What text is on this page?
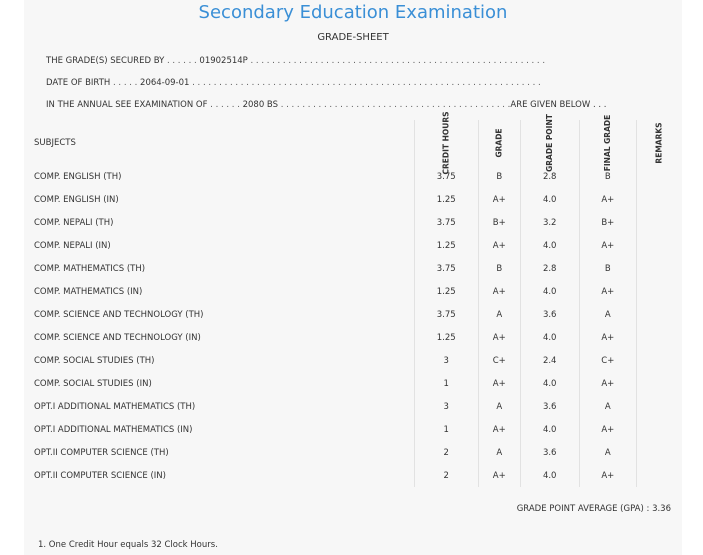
Secondary Education Examination
GRADE-SHEET
THE GRADE(S) SECURED BY . . . . . . 01902514P . . . . . . . . . . . . . . . . . . . . . . . . . . . . . . . . . . . . . . . . . . . . . . . . . . . . . . .
DATE OF BIRTH . . . . . 2064-09-01 . . . . . . . . . . . . . . . . . . . . . . . . . . . . . . . . . . . . . . . . . . . . . . . . . . . . . . . . . . . . . . . . .
IN THE ANNUAL SEE EXAMINATION OF . . . . . . 2080 BS . . . . . . . . . . . . . . . . . . . . . . . . . . . . . . . . . . . . . . . . . . .ARE GIVEN BELOW . . .
SUBJECTS	CREDIT HOURS	GRADE	GRADE POINT	FINAL GRADE	REMARKS
COMP. ENGLISH (TH)	3.75	B	2.8	B	
COMP. ENGLISH (IN)	1.25	A+	4.0	A+	
COMP. NEPALI (TH)	3.75	B+	3.2	B+	
COMP. NEPALI (IN)	1.25	A+	4.0	A+	
COMP. MATHEMATICS (TH)	3.75	B	2.8	B	
COMP. MATHEMATICS (IN)	1.25	A+	4.0	A+	
COMP. SCIENCE AND TECHNOLOGY (TH)	3.75	A	3.6	A	
COMP. SCIENCE AND TECHNOLOGY (IN)	1.25	A+	4.0	A+	
COMP. SOCIAL STUDIES (TH)	3	C+	2.4	C+	
COMP. SOCIAL STUDIES (IN)	1	A+	4.0	A+	
OPT.I ADDITIONAL MATHEMATICS (TH)	3	A	3.6	A	
OPT.I ADDITIONAL MATHEMATICS (IN)	1	A+	4.0	A+	
OPT.II COMPUTER SCIENCE (TH)	2	A	3.6	A	
OPT.II COMPUTER SCIENCE (IN)	2	A+	4.0	A+	
GRADE POINT AVERAGE (GPA) : 3.36
1. One Credit Hour equals 32 Clock Hours.
